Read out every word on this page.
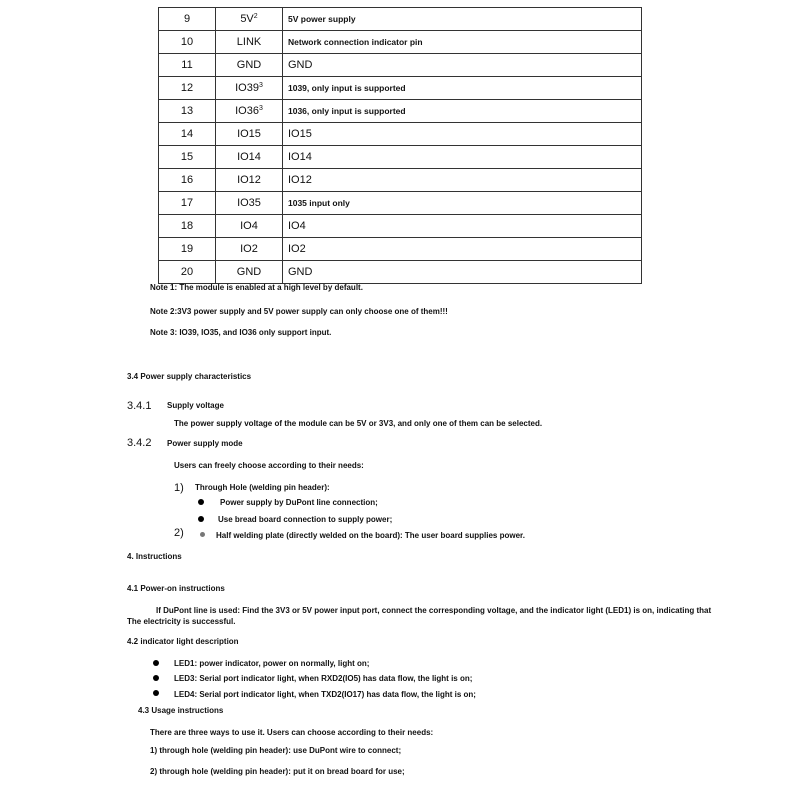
9	$5V^2$	5V power supply
10	LINK	Network connection indicator pin
11	GND	GND
12	$IO39^3$	1039, only input is supported
13	$IO36^3$	1036, only input is supported
14	IO15	IO15
15	IO14	IO14
16	IO12	IO12
17	IO35	1035 input only
18	IO4	IO4
19	IO2	IO2
20	GND	GND
Note 1: The module is enabled at a high level by default.
Note 2:3V3 power supply and 5V power supply can only choose one of them!!!
Note 3: IO39, IO35, and IO36 only support input.
3.4 Power supply characteristics
3.4.1 Supply voltage
The power supply voltage of the module can be 5V or 3V3, and only one of them can be selected.
3.4.2 Power supply mode
Users can freely choose according to their needs:
1) Through Hole (welding pin header):
Power supply by DuPont line connection;
Use bread board connection to supply power;
2)	Half welding plate (directly welded on the board): The user board supplies power.
4. Instructions
4.1 Power-on instructions
If DuPont line is used: Find the 3V3 or 5V power input port, connect the corresponding voltage, and the indicator light (LED1) is on, indicating that
The electricity is successful.
4.2 indicator light description
LED1: power indicator, power on normally, light on;
LED3: Serial port indicator light, when RXD2(IO5) has data flow, the light is on;
LED4: Serial port indicator light, when TXD2(IO17) has data flow, the light is on;
4.3 Usage instructions
There are three ways to use it. Users can choose according to their needs:
1) through hole (welding pin header): use DuPont wire to connect;
2) through hole (welding pin header): put it on bread board for use;
